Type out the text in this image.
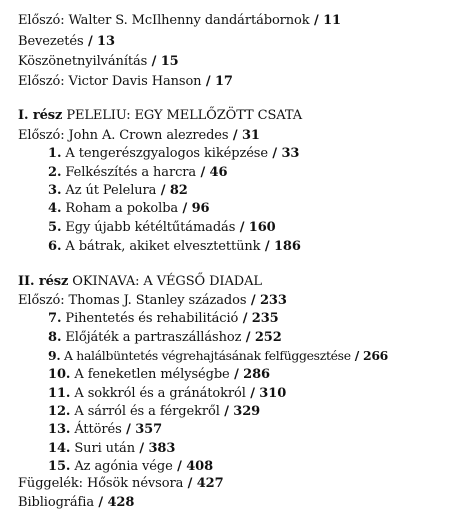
Előszó: Walter S. McIlhenny dandártábornok / 11
Bevezetés / 13
Köszönetnyilvánítás / 15
Előszó: Victor Davis Hanson / 17
I. rész PELELIU: EGY MELLŐZÖTT CSATA
Előszó: John A. Crown alezredes / 31
1. A tengerészgyalogos kiképzése / 33
2. Felkészítés a harcra / 46
3. Az út Pelelura / 82
4. Roham a pokolba / 96
5. Egy újabb kétéltűtámadás / 160
6. A bátrak, akiket elvesztettünk / 186
II. rész OKINAVA: A VÉGSŐ DIADAL
Előszó: Thomas J. Stanley százados / 233
7. Pihentetés és rehabilitáció / 235
8. Előjáték a partraszálláshoz / 252
9. A halálbüntetés végrehajtásának felfüggesztése / 266
10. A feneketlen mélységbe / 286
11. A sokkról és a gránátokról / 310
12. A sárról és a férgekről / 329
13. Áttörés / 357
14. Suri után / 383
15. Az agónia vége / 408
Függelék: Hősök névsora / 427
Bibliográfia / 428
